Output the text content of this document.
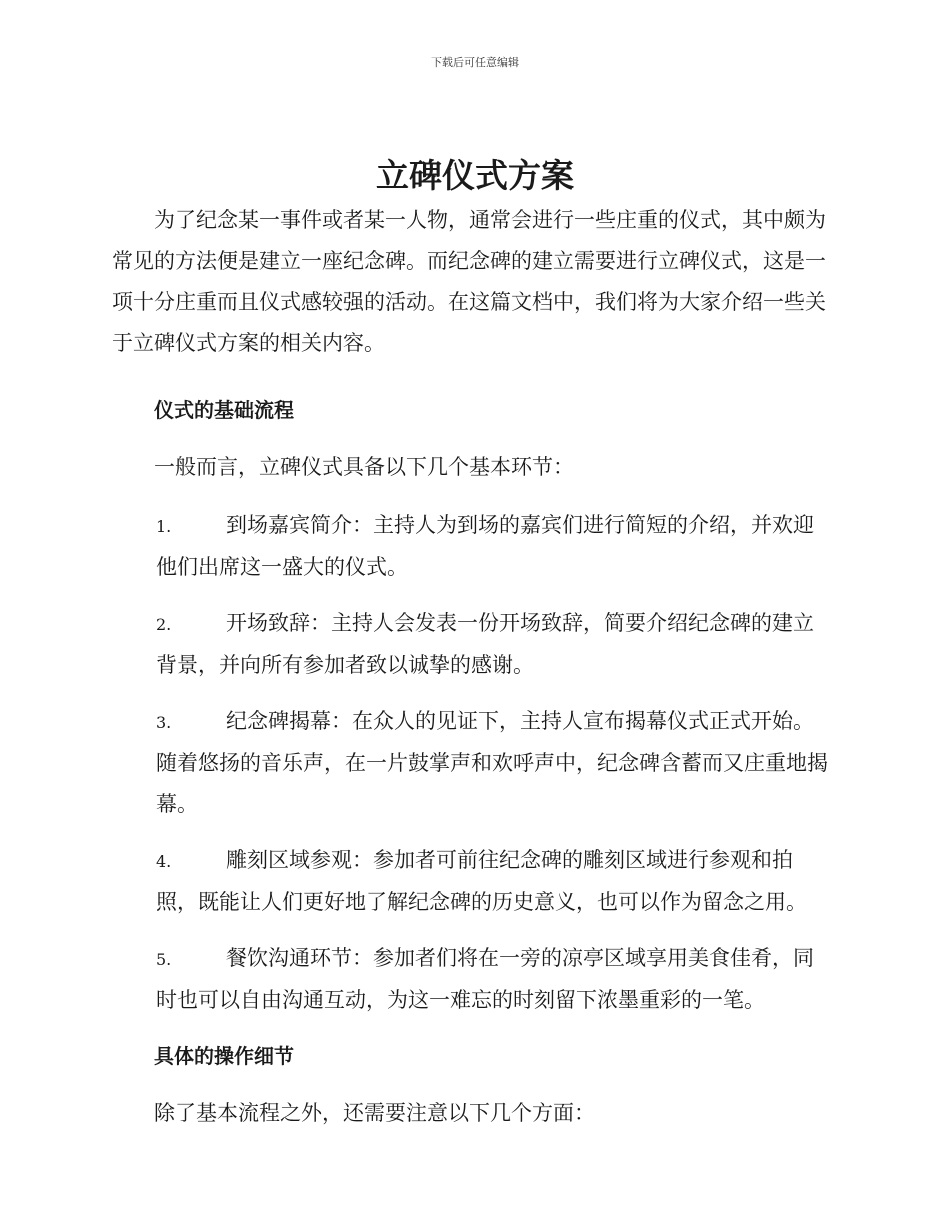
下载后可任意编辑
立碑仪式方案

为了纪念某一事件或者某一人物，通常会进行一些庄重的仪式，其中颇为常见的方法便是建立一座纪念碑。而纪念碑的建立需要进行立碑仪式，这是一项十分庄重而且仪式感较强的活动。在这篇文档中，我们将为大家介绍一些关于立碑仪式方案的相关内容。

仪式的基础流程

一般而言，立碑仪式具备以下几个基本环节：

1.	到场嘉宾简介：主持人为到场的嘉宾们进行简短的介绍，并欢迎他们出席这一盛大的仪式。

2.	开场致辞：主持人会发表一份开场致辞，简要介绍纪念碑的建立背景，并向所有参加者致以诚挚的感谢。

3.	纪念碑揭幕：在众人的见证下，主持人宣布揭幕仪式正式开始。随着悠扬的音乐声，在一片鼓掌声和欢呼声中，纪念碑含蓄而又庄重地揭幕。

4.	雕刻区域参观：参加者可前往纪念碑的雕刻区域进行参观和拍照，既能让人们更好地了解纪念碑的历史意义，也可以作为留念之用。

5.	餐饮沟通环节：参加者们将在一旁的凉亭区域享用美食佳肴，同时也可以自由沟通互动，为这一难忘的时刻留下浓墨重彩的一笔。

具体的操作细节

除了基本流程之外，还需要注意以下几个方面：
